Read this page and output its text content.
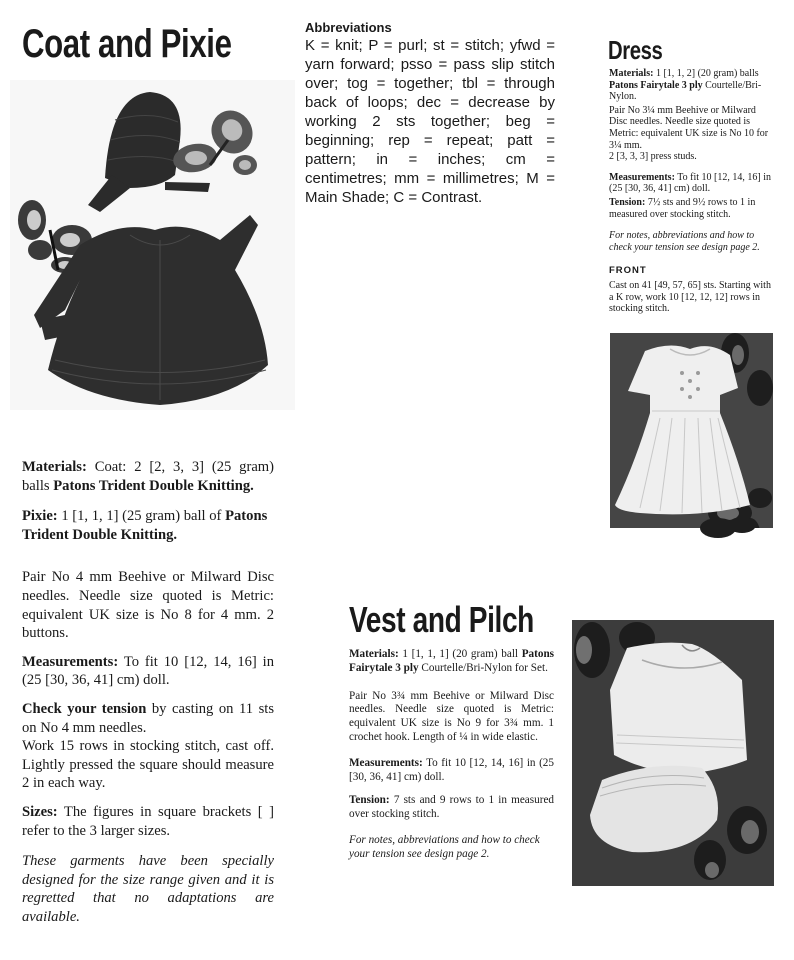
Coat and Pixie

Materials: Coat: 2 [2, 3, 3] (25 gram) balls Patons Trident Double Knitting.

Pixie: 1 [1, 1, 1] (25 gram) ball of Patons Trident Double Knitting.

Pair No 4 mm Beehive or Milward Disc needles. Needle size quoted is Metric: equivalent UK size is No 8 for 4 mm. 2 buttons.

Measurements: To fit 10 [12, 14, 16] in (25 [30, 36, 41] cm) doll.

Check your tension by casting on 11 sts on No 4 mm needles.

Work 15 rows in stocking stitch, cast off. Lightly pressed the square should measure 2 in each way.

Sizes: The figures in square brackets [ ] refer to the 3 larger sizes.

These garments have been specially designed for the size range given and it is regretted that no adaptations are available.

Abbreviations

K = knit; P = purl; st = stitch; yfwd = yarn forward; psso = pass slip stitch over; tog = together; tbl = through back of loops; dec = decrease by working 2 sts together; beg = beginning; rep = repeat; patt = pattern; in = inches; cm = centimetres; mm = millimetres; M = Main Shade; C = Contrast.

Dress

Materials: 1 [1, 1, 2] (20 gram) balls Patons Fairytale 3 ply Courtelle/Bri-Nylon.

Pair No 3¼ mm Beehive or Milward Disc needles. Needle size quoted is Metric: equivalent UK size is No 10 for 3¼ mm.

2 [3, 3, 3] press studs.

Measurements: To fit 10 [12, 14, 16] in (25 [30, 36, 41] cm) doll.

Tension: 7½ sts and 9½ rows to 1 in measured over stocking stitch.

For notes, abbreviations and how to check your tension see design page 2.

FRONT

Cast on 41 [49, 57, 65] sts. Starting with a K row, work 10 [12, 12, 12] rows in stocking stitch.

Vest and Pilch

Materials: 1 [1, 1, 1] (20 gram) ball Patons Fairytale 3 ply Courtelle/Bri-Nylon for Set.

Pair No 3¾ mm Beehive or Milward Disc needles. Needle size quoted is Metric: equivalent UK size is No 9 for 3¾ mm. 1 crochet hook. Length of ¼ in wide elastic.

Measurements: To fit 10 [12, 14, 16] in (25 [30, 36, 41] cm) doll.

Tension: 7 sts and 9 rows to 1 in measured over stocking stitch.

For notes, abbreviations and how to check your tension see design page 2.
